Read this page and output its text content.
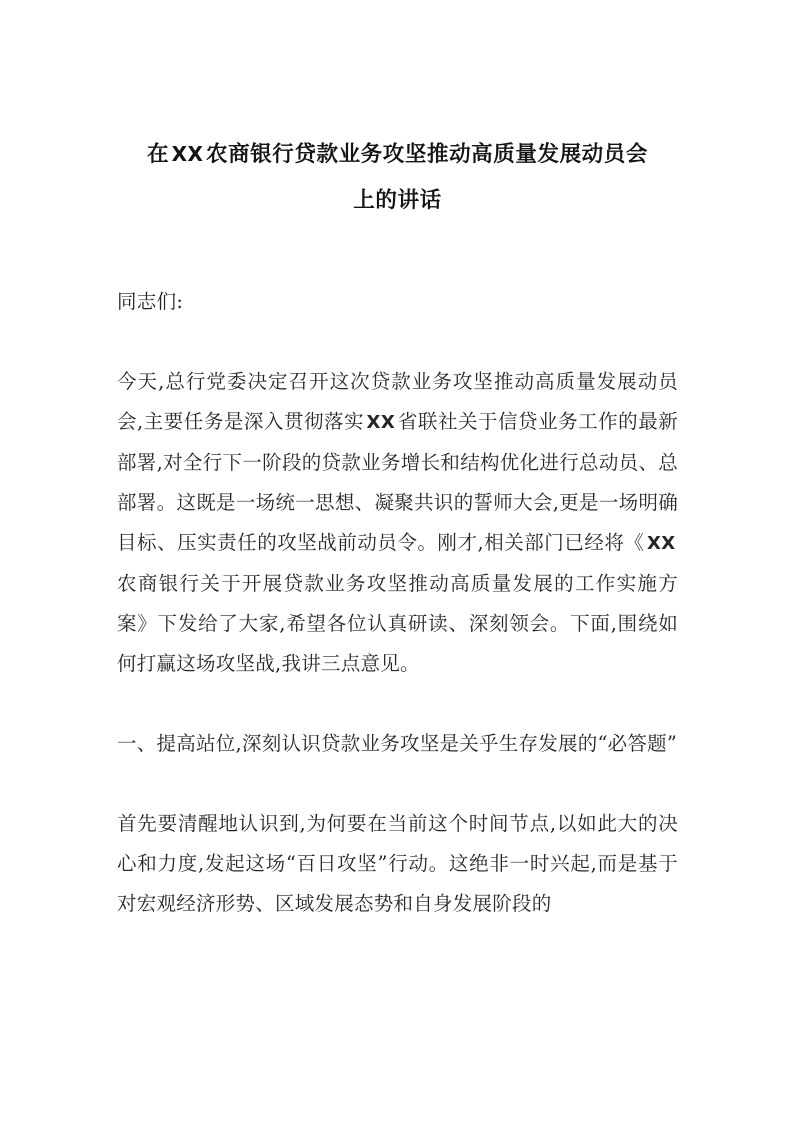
在 XX 农商银行贷款业务攻坚推动高质量发展动员会
上的讲话

同志们:

今天,总行党委决定召开这次贷款业务攻坚推动高质量发展动员会,主要任务是深入贯彻落实 XX 省联社关于信贷业务工作的最新部署,对全行下一阶段的贷款业务增长和结构优化进行总动员、总部署。这既是一场统一思想、凝聚共识的誓师大会,更是一场明确目标、压实责任的攻坚战前动员令。刚才,相关部门已经将《 XX农商银行关于开展贷款业务攻坚推动高质量发展的工作实施方案》下发给了大家,希望各位认真研读、深刻领会。下面,围绕如何打赢这场攻坚战,我讲三点意见。

一、提高站位,深刻认识贷款业务攻坚是关乎生存发展的“必答题”

首先要清醒地认识到,为何要在当前这个时间节点,以如此大的决心和力度,发起这场“百日攻坚”行动。这绝非一时兴起,而是基于对宏观经济形势、区域发展态势和自身发展阶段的
